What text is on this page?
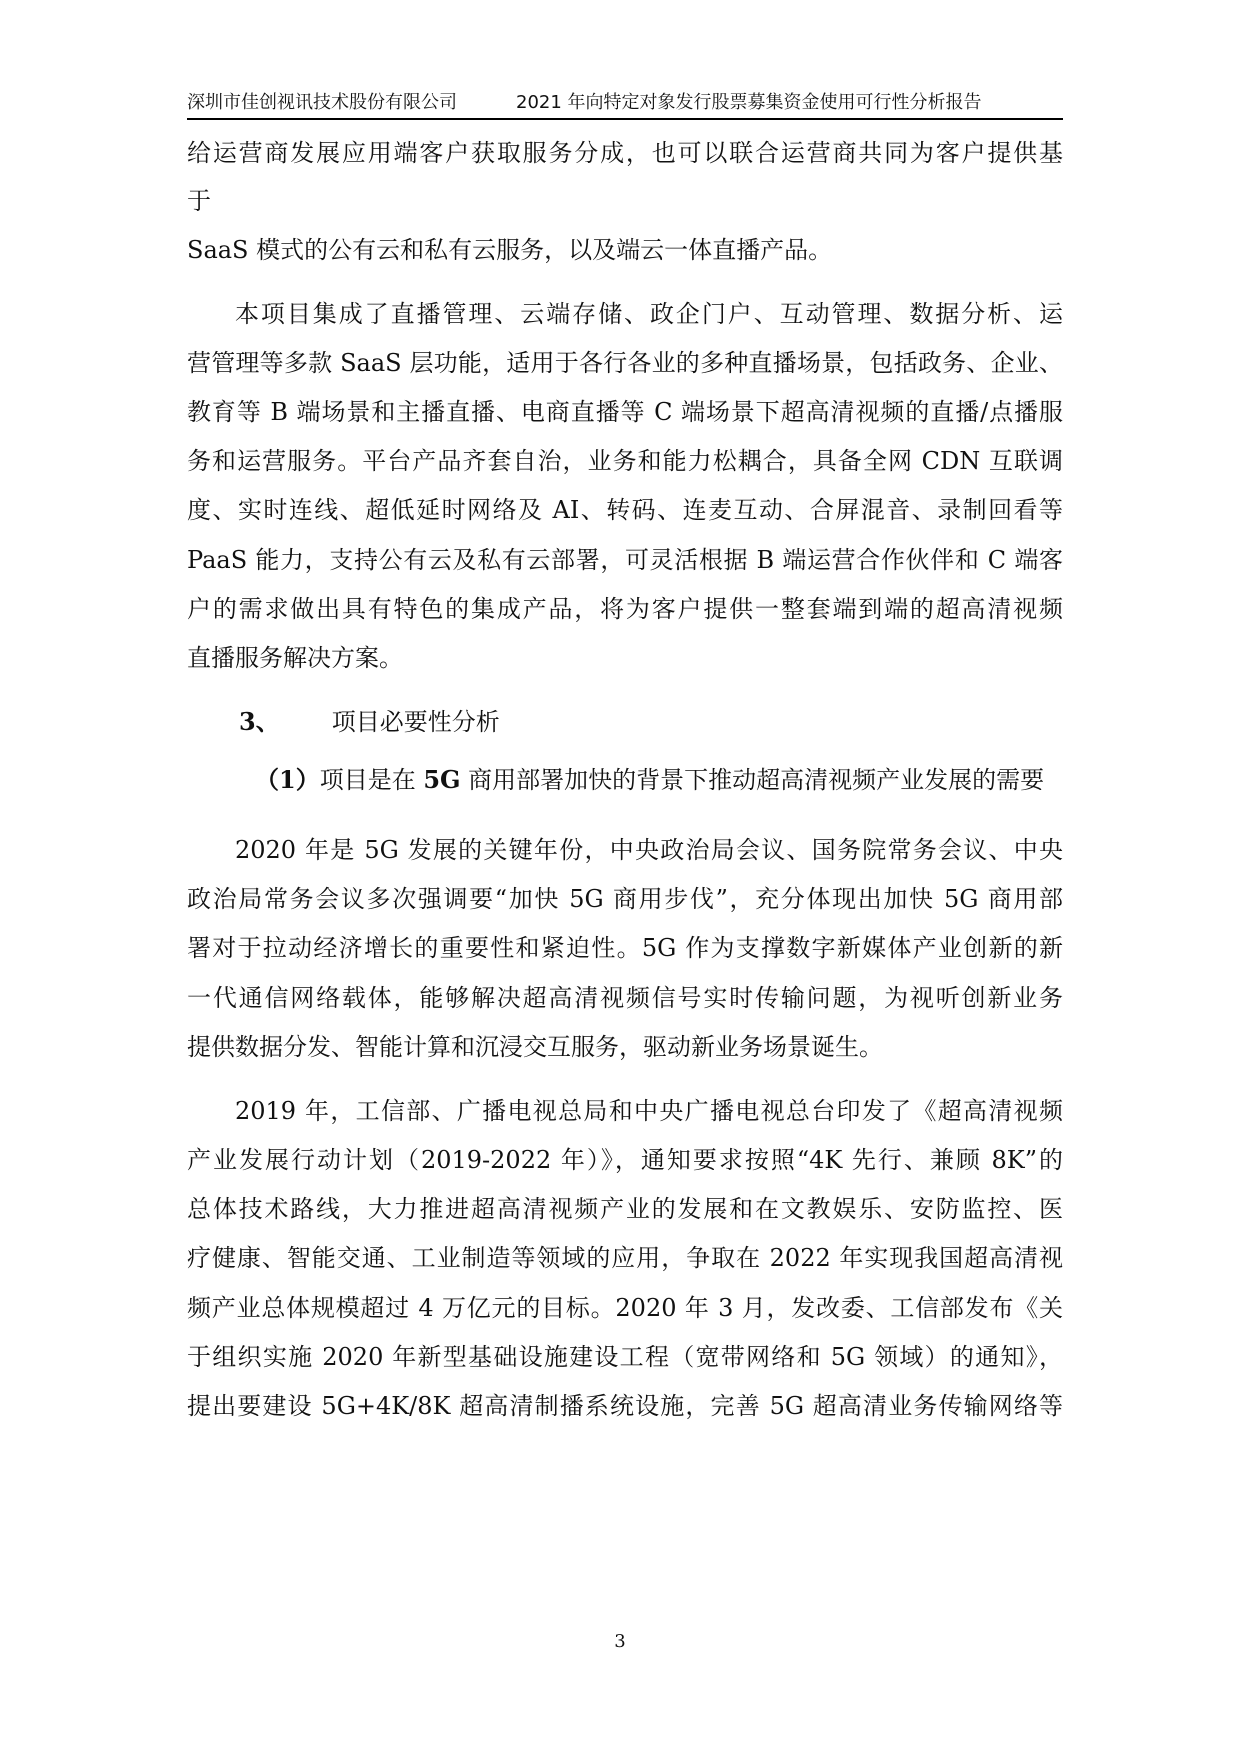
深圳市佳创视讯技术股份有限公司	2021 年向特定对象发行股票募集资金使用可行性分析报告

给运营商发展应用端客户获取服务分成，也可以联合运营商共同为客户提供基

于

SaaS 模式的公有云和私有云服务，以及端云一体直播产品。

本项目集成了直播管理、云端存储、政企门户、互动管理、数据分析、运

营管理等多款 SaaS 层功能，适用于各行各业的多种直播场景，包括政务、企业、

教育等 B 端场景和主播直播、电商直播等 C 端场景下超高清视频的直播/点播服

务和运营服务。平台产品齐套自治，业务和能力松耦合，具备全网 CDN 互联调

度、实时连线、超低延时网络及 AI、转码、连麦互动、合屏混音、录制回看等

PaaS 能力，支持公有云及私有云部署，可灵活根据 B 端运营合作伙伴和 C 端客

户的需求做出具有特色的集成产品，将为客户提供一整套端到端的超高清视频

直播服务解决方案。

3、 项目必要性分析
（1）项目是在 5G 商用部署加快的背景下推动超高清视频产业发展的需要

2020 年是 5G 发展的关键年份，中央政治局会议、国务院常务会议、中央

政治局常务会议多次强调要“加快 5G 商用步伐”，充分体现出加快 5G 商用部

署对于拉动经济增长的重要性和紧迫性。5G 作为支撑数字新媒体产业创新的新

一代通信网络载体，能够解决超高清视频信号实时传输问题，为视听创新业务

提供数据分发、智能计算和沉浸交互服务，驱动新业务场景诞生。

2019 年，工信部、广播电视总局和中央广播电视总台印发了《超高清视频

产业发展行动计划（2019-2022 年）》，通知要求按照“4K 先行、兼顾 8K”的

总体技术路线，大力推进超高清视频产业的发展和在文教娱乐、安防监控、医

疗健康、智能交通、工业制造等领域的应用，争取在 2022 年实现我国超高清视

频产业总体规模超过 4 万亿元的目标。2020 年 3 月，发改委、工信部发布《关

于组织实施 2020 年新型基础设施建设工程（宽带网络和 5G 领域）的通知》，

提出要建设 5G+4K/8K 超高清制播系统设施，完善 5G 超高清业务传输网络等

3
